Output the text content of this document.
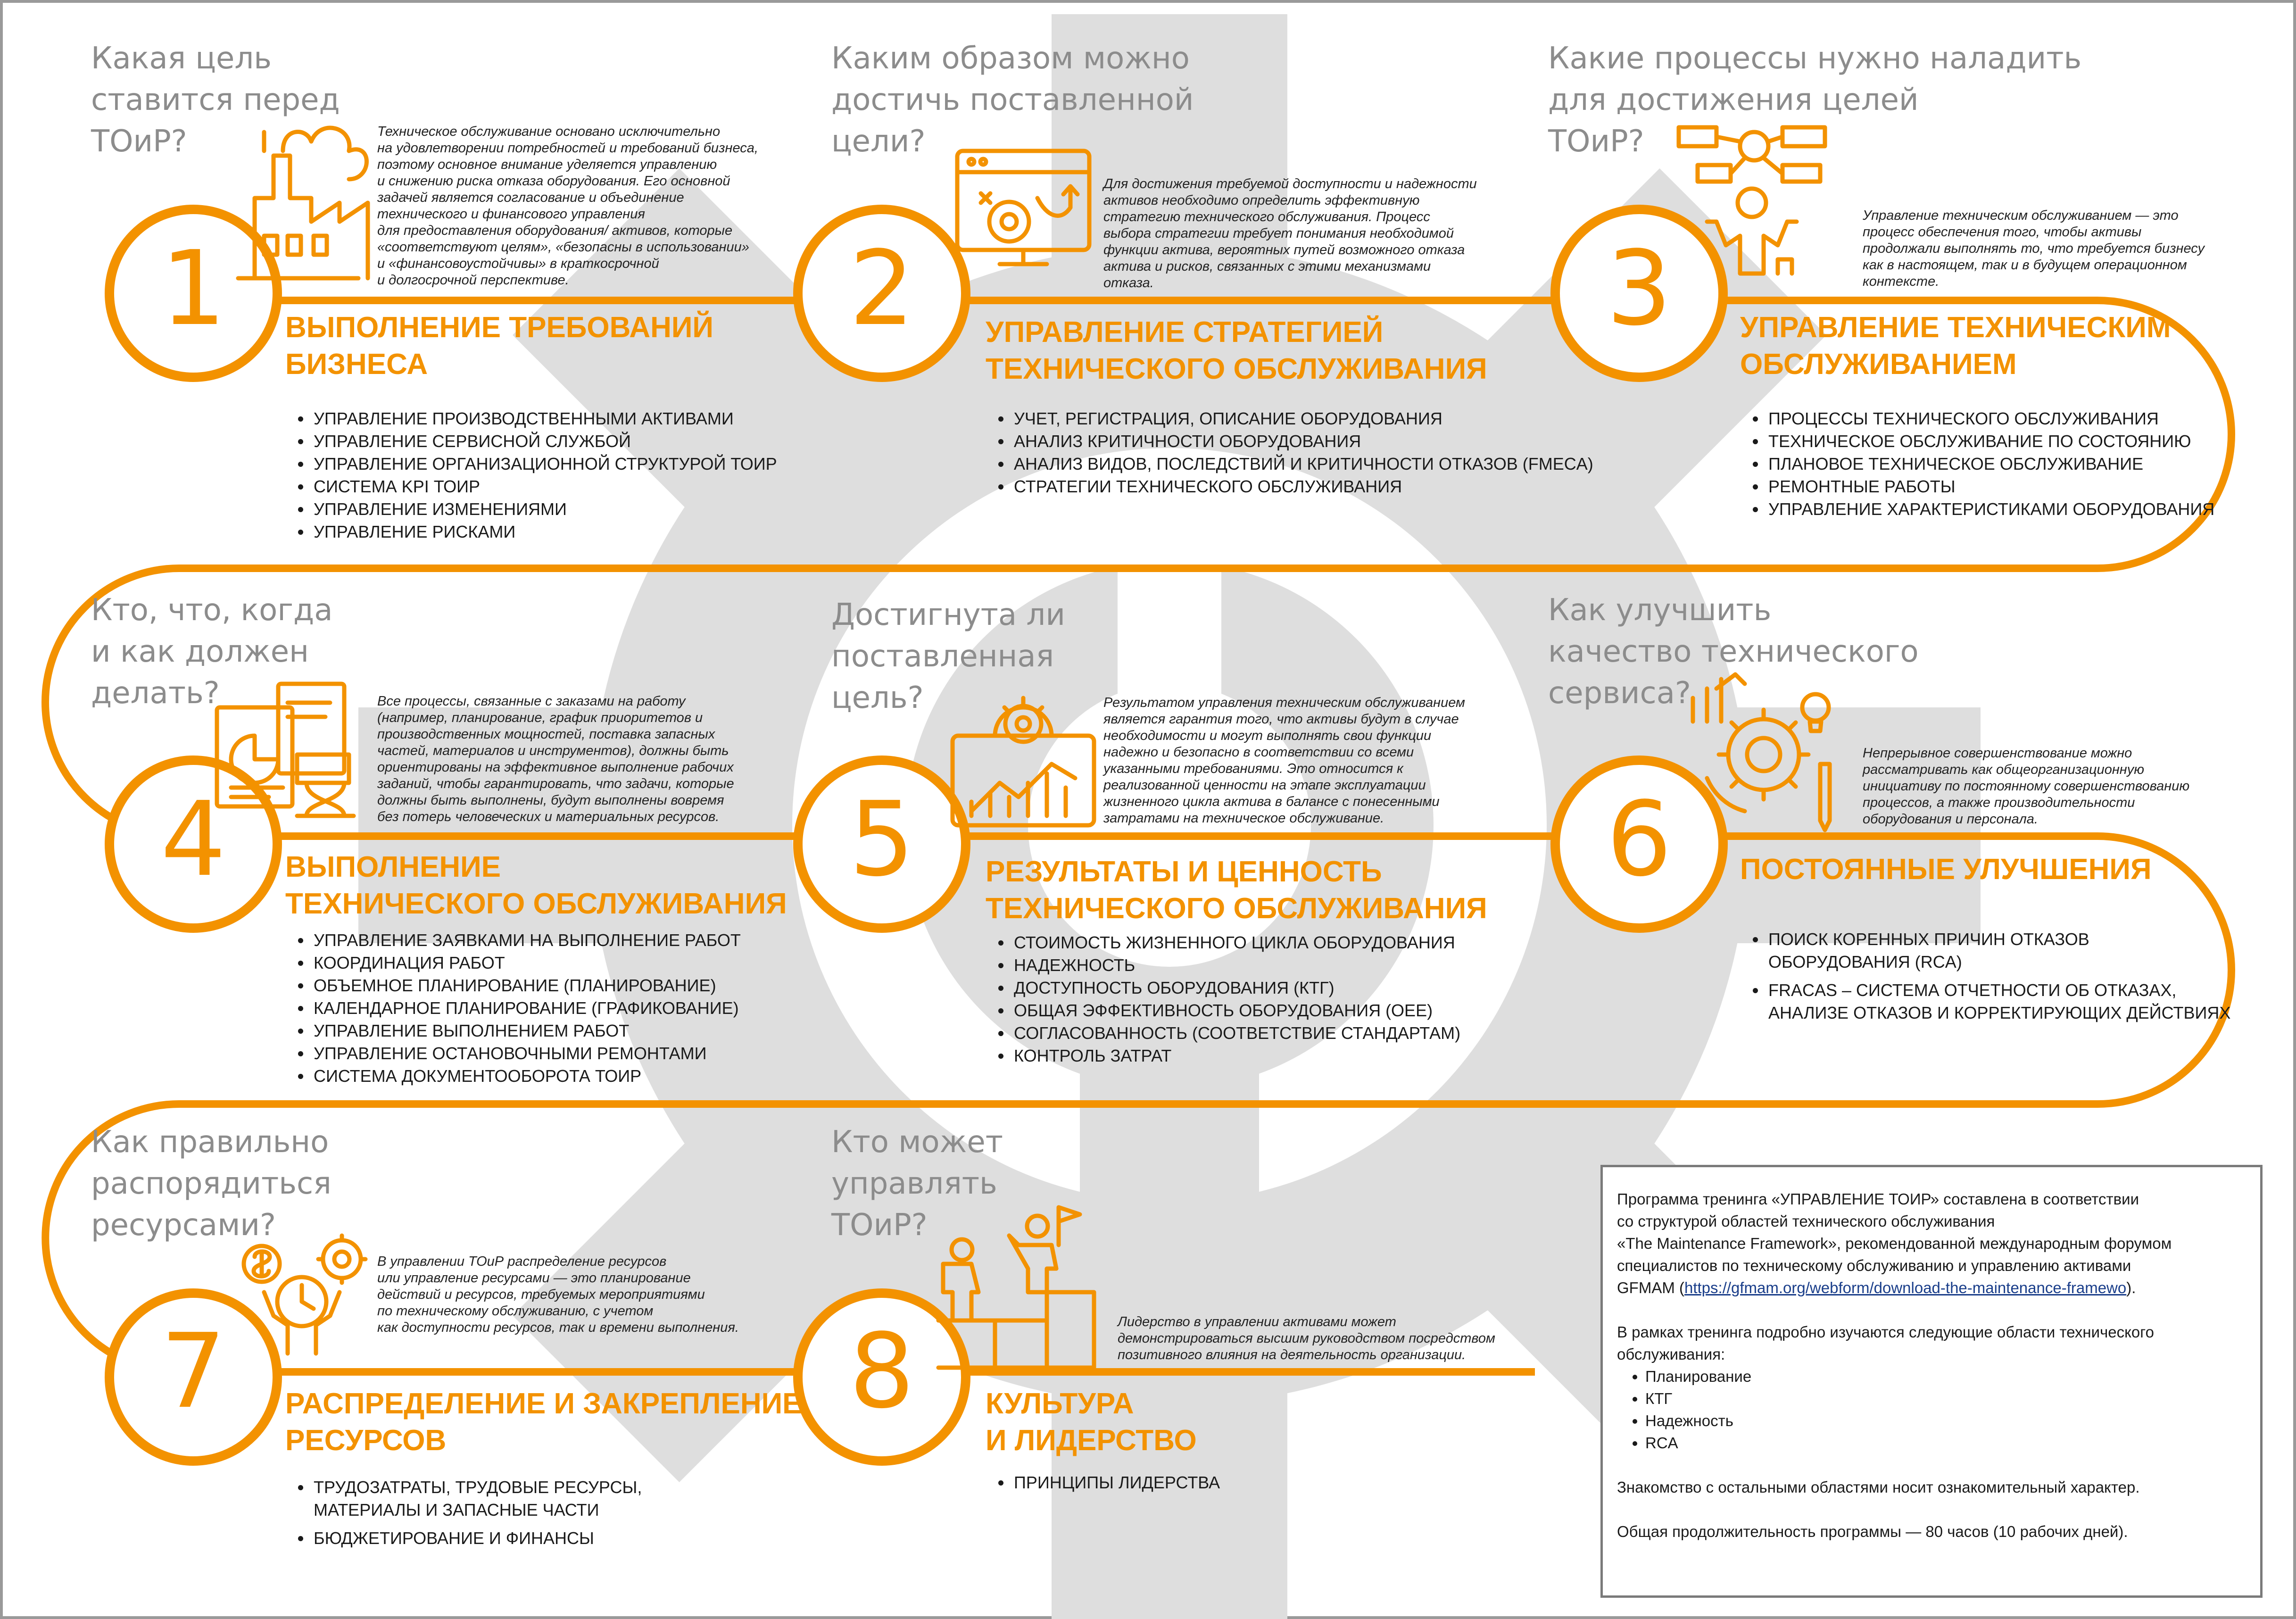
Какая цель
ставится перед
ТОиР?	Техническое обслуживание основано исключительно
на удовлетворении потребностей и требований бизнеса,
поэтому основное внимание уделяется управлению
и снижению риска отказа оборудования. Его основной
задачей является согласование и объединение
технического и финансового управления
для предоставления оборудования/ активов, которые
«соответствуют целям», «безопасны в использовании»
и «финансовоустойчивы» в краткосрочной
и долгосрочной перспективе.
1	ВЫПОЛНЕНИЕ ТРЕБОВАНИЙ
БИЗНЕСА
• УПРАВЛЕНИЕ ПРОИЗВОДСТВЕННЫМИ АКТИВАМИ
• УПРАВЛЕНИЕ СЕРВИСНОЙ СЛУЖБОЙ
• УПРАВЛЕНИЕ ОРГАНИЗАЦИОННОЙ СТРУКТУРОЙ ТОИР
• СИСТЕМА KPI ТОИР
• УПРАВЛЕНИЕ ИЗМЕНЕНИЯМИ
• УПРАВЛЕНИЕ РИСКАМИ
Каким образом можно
достичь поставленной
цели?
Для достижения требуемой доступности и надежности
активов необходимо определить эффективную
стратегию технического обслуживания. Процесс
выбора стратегии требует понимания необходимой
функции актива, вероятных путей возможного отказа
актива и рисков, связанных с этими механизмами
отказа.
2	УПРАВЛЕНИЕ СТРАТЕГИЕЙ
ТЕХНИЧЕСКОГО ОБСЛУЖИВАНИЯ
• УЧЕТ, РЕГИСТРАЦИЯ, ОПИСАНИЕ ОБОРУДОВАНИЯ
• АНАЛИЗ КРИТИЧНОСТИ ОБОРУДОВАНИЯ
• АНАЛИЗ ВИДОВ, ПОСЛЕДСТВИЙ И КРИТИЧНОСТИ ОТКАЗОВ (FMECA)
• СТРАТЕГИИ ТЕХНИЧЕСКОГО ОБСЛУЖИВАНИЯ
Какие процессы нужно наладить
для достижения целей
ТОиР?
Управление техническим обслуживанием — это
процесс обеспечения того, чтобы активы
продолжали выполнять то, что требуется бизнесу
как в настоящем, так и в будущем операционном
контексте.
3	УПРАВЛЕНИЕ ТЕХНИЧЕСКИМ
ОБСЛУЖИВАНИЕМ
• ПРОЦЕССЫ ТЕХНИЧЕСКОГО ОБСЛУЖИВАНИЯ
• ТЕХНИЧЕСКОЕ ОБСЛУЖИВАНИЕ ПО СОСТОЯНИЮ
• ПЛАНОВОЕ ТЕХНИЧЕСКОЕ ОБСЛУЖИВАНИЕ
• РЕМОНТНЫЕ РАБОТЫ
• УПРАВЛЕНИЕ ХАРАКТЕРИСТИКАМИ ОБОРУДОВАНИЯ
Кто, что, когда
и как должен
делать?	Все процессы, связанные с заказами на работу
(например, планирование, график приоритетов и
производственных мощностей, поставка запасных
частей, материалов и инструментов), должны быть
ориентированы на эффективное выполнение рабочих
заданий, чтобы гарантировать, что задачи, которые
должны быть выполнены, будут выполнены вовремя
без потерь человеческих и материальных ресурсов.
4	ВЫПОЛНЕНИЕ
ТЕХНИЧЕСКОГО ОБСЛУЖИВАНИЯ
• УПРАВЛЕНИЕ ЗАЯВКАМИ НА ВЫПОЛНЕНИЕ РАБОТ
• КООРДИНАЦИЯ РАБОТ
• ОБЪЕМНОЕ ПЛАНИРОВАНИЕ (ПЛАНИРОВАНИЕ)
• КАЛЕНДАРНОЕ ПЛАНИРОВАНИЕ (ГРАФИКОВАНИЕ)
• УПРАВЛЕНИЕ ВЫПОЛНЕНИЕМ РАБОТ
• УПРАВЛЕНИЕ ОСТАНОВОЧНЫМИ РЕМОНТАМИ
• СИСТЕМА ДОКУМЕНТООБОРОТА ТОИР
Достигнута ли
поставленная
цель?	Результатом управления техническим обслуживанием
является гарантия того, что активы будут в случае
необходимости и могут выполнять свои функции
надежно и безопасно в соответствии со всеми
указанными требованиями. Это относится к
реализованной ценности на этапе эксплуатации
жизненного цикла актива в балансе с понесенными
затратами на техническое обслуживание.
5	РЕЗУЛЬТАТЫ И ЦЕННОСТЬ
ТЕХНИЧЕСКОГО ОБСЛУЖИВАНИЯ
• СТОИМОСТЬ ЖИЗНЕННОГО ЦИКЛА ОБОРУДОВАНИЯ
• НАДЕЖНОСТЬ
• ДОСТУПНОСТЬ ОБОРУДОВАНИЯ (КТГ)
• ОБЩАЯ ЭФФЕКТИВНОСТЬ ОБОРУДОВАНИЯ (OEE)
• СОГЛАСОВАННОСТЬ (СООТВЕТСТВИЕ СТАНДАРТАМ)
• КОНТРОЛЬ ЗАТРАТ
Как улучшить
качество технического
сервиса?
Непрерывное совершенствование можно
рассматривать как общеорганизационную
инициативу по постоянному совершенствованию
процессов, а также производительности
оборудования и персонала.
6	ПОСТОЯННЫЕ УЛУЧШЕНИЯ
• ПОИСК КОРЕННЫХ ПРИЧИН ОТКАЗОВ
ОБОРУДОВАНИЯ (RCA)
• FRACAS – СИСТЕМА ОТЧЕТНОСТИ ОБ ОТКАЗАХ,
АНАЛИЗЕ ОТКАЗОВ И КОРРЕКТИРУЮЩИХ ДЕЙСТВИЯХ
Как правильно
распорядиться
ресурсами?
В управлении ТОиР распределение ресурсов
или управление ресурсами — это планирование
действий и ресурсов, требуемых мероприятиями
по техническому обслуживанию, с учетом
как доступности ресурсов, так и времени выполнения.
7	РАСПРЕДЕЛЕНИЕ И ЗАКРЕПЛЕНИЕ
РЕСУРСОВ
• ТРУДОЗАТРАТЫ, ТРУДОВЫЕ РЕСУРСЫ,
МАТЕРИАЛЫ И ЗАПАСНЫЕ ЧАСТИ
• БЮДЖЕТИРОВАНИЕ И ФИНАНСЫ
Кто может
управлять
ТОиР?
Лидерство в управлении активами может
демонстрироваться высшим руководством посредством
позитивного влияния на деятельность организации.
8	КУЛЬТУРА
И ЛИДЕРСТВО
• ПРИНЦИПЫ ЛИДЕРСТВА

Программа тренинга «УПРАВЛЕНИЕ ТОИР» составлена в соответствии
со структурой областей технического обслуживания
«The Maintenance Framework», рекомендованной международным форумом
специалистов по техническому обслуживанию и управлению активами
GFMAM (https://gfmam.org/webform/download-the-maintenance-framewo).

В рамках тренинга подробно изучаются следующие области технического
обслуживания:

• Планирование
• КТГ
• Надежность
• RCA

Знакомство с остальными областями носит ознакомительный характер.

Общая продолжительность программы — 80 часов (10 рабочих дней).
